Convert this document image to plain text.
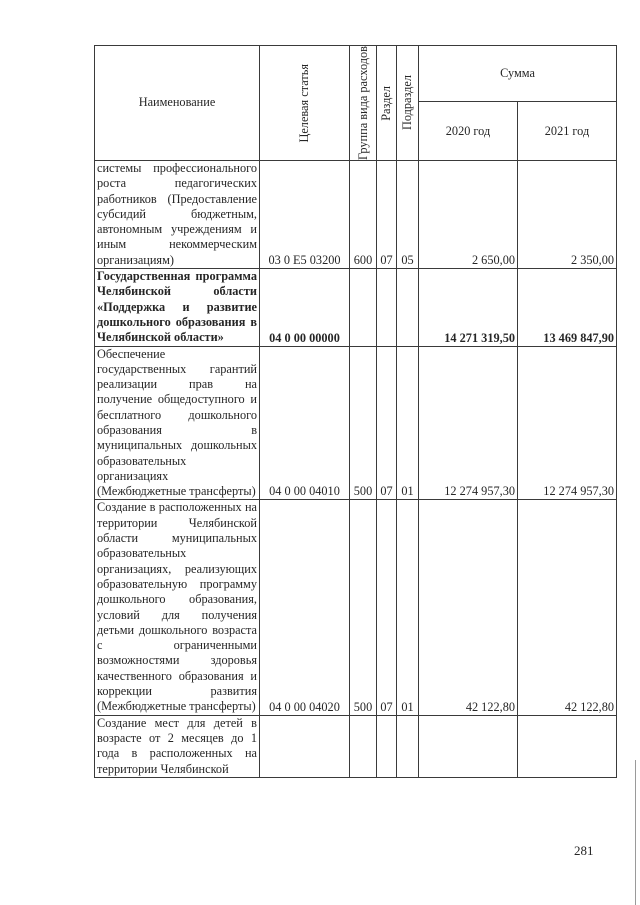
Наименование	Целевая статья	Группа вида расходов	Раздел	Подраздел	Сумма	
					2020 год	2021 год
системы профессионального роста педагогических работников (Предоставление субсидий бюджетным, автономным учреждениям и иным некоммерческим организациям)	03 0 Е5 03200	600	07	05	2 650,00	2 350,00
Государственная программа Челябинской области «Поддержка и развитие дошкольного образования в Челябинской области»	04 0 00 00000				14 271 319,50	13 469 847,90
Обеспечение государственных гарантий реализации прав на получение общедоступного и бесплатного дошкольного образования в муниципальных дошкольных образовательных организациях (Межбюджетные трансферты)	04 0 00 04010	500	07	01	12 274 957,30	12 274 957,30
Создание в расположенных на территории Челябинской области муниципальных образовательных организациях, реализующих образовательную программу дошкольного образования, условий для получения детьми дошкольного возраста с ограниченными возможностями здоровья качественного образования и коррекции развития (Межбюджетные трансферты)	04 0 00 04020	500	07	01	42 122,80	42 122,80
Создание мест для детей в возрасте от 2 месяцев до 1 года в расположенных на территории Челябинской						
281
